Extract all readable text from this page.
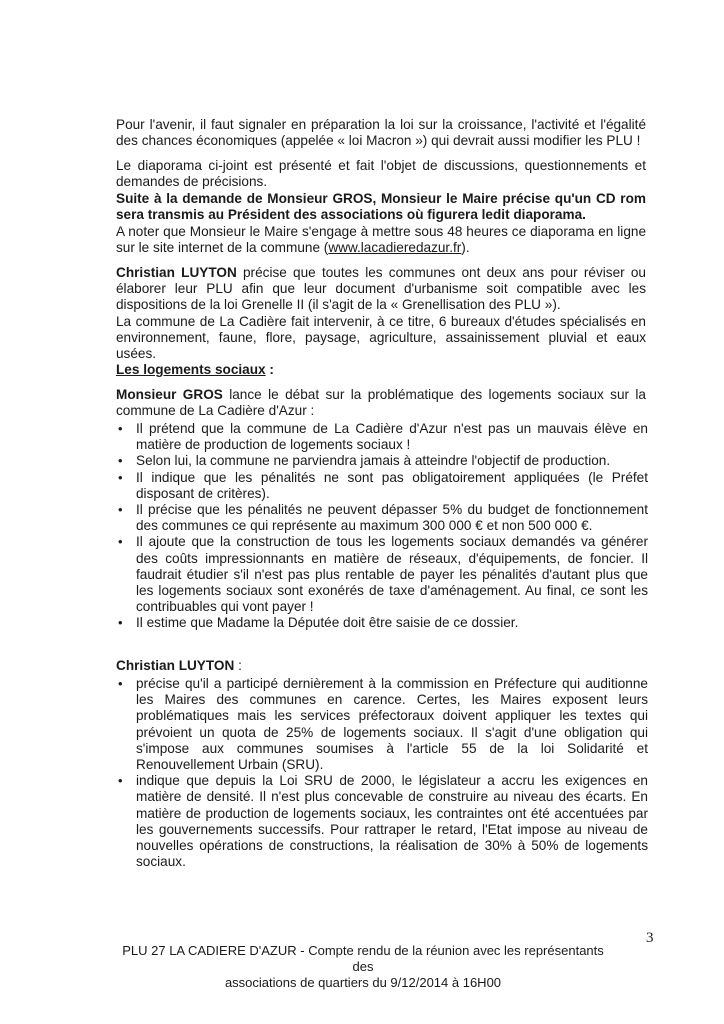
Pour l'avenir, il faut signaler en préparation la loi sur la croissance, l'activité et l'égalité des chances économiques (appelée « loi Macron ») qui devrait aussi modifier les PLU !
Le diaporama ci-joint est présenté et fait l'objet de discussions, questionnements et demandes de précisions.
Suite à la demande de Monsieur GROS, Monsieur le Maire précise qu'un CD rom sera transmis au Président des associations où figurera ledit diaporama.
A noter que Monsieur le Maire s'engage à mettre sous 48 heures ce diaporama en ligne sur le site internet de la commune (www.lacadieredazur.fr).
Christian LUYTON précise que toutes les communes ont deux ans pour réviser ou élaborer leur PLU afin que leur document d'urbanisme soit compatible avec les dispositions de la loi Grenelle II (il s'agit de la « Grenellisation des PLU »).
La commune de La Cadière fait intervenir, à ce titre, 6 bureaux d'études spécialisés en environnement, faune, flore, paysage, agriculture, assainissement pluvial et eaux usées.
Les logements sociaux :
Monsieur GROS lance le débat sur la problématique des logements sociaux sur la commune de La Cadière d'Azur :
• Il prétend que la commune de La Cadière d'Azur n'est pas un mauvais élève en matière de production de logements sociaux !
• Selon lui, la commune ne parviendra jamais à atteindre l'objectif de production.
• Il indique que les pénalités ne sont pas obligatoirement appliquées (le Préfet disposant de critères).
• Il précise que les pénalités ne peuvent dépasser 5% du budget de fonctionnement des communes ce qui représente au maximum 300 000 € et non 500 000 €.
• Il ajoute que la construction de tous les logements sociaux demandés va générer des coûts impressionnants en matière de réseaux, d'équipements, de foncier. Il faudrait étudier s'il n'est pas plus rentable de payer les pénalités d'autant plus que les logements sociaux sont exonérés de taxe d'aménagement. Au final, ce sont les contribuables qui vont payer !
• Il estime que Madame la Députée doit être saisie de ce dossier.
Christian LUYTON :
• précise qu'il a participé dernièrement à la commission en Préfecture qui auditionne les Maires des communes en carence. Certes, les Maires exposent leurs problématiques mais les services préfectoraux doivent appliquer les textes qui prévoient un quota de 25% de logements sociaux. Il s'agit d'une obligation qui s'impose aux communes soumises à l'article 55 de la loi Solidarité et Renouvellement Urbain (SRU).
• indique que depuis la Loi SRU de 2000, le législateur a accru les exigences en matière de densité. Il n'est plus concevable de construire au niveau des écarts. En matière de production de logements sociaux, les contraintes ont été accentuées par les gouvernements successifs. Pour rattraper le retard, l'Etat impose au niveau de nouvelles opérations de constructions, la réalisation de 30% à 50% de logements sociaux.
3
PLU 27 LA CADIERE D'AZUR - Compte rendu de la réunion avec les représentants des
associations de quartiers du 9/12/2014 à 16H00
